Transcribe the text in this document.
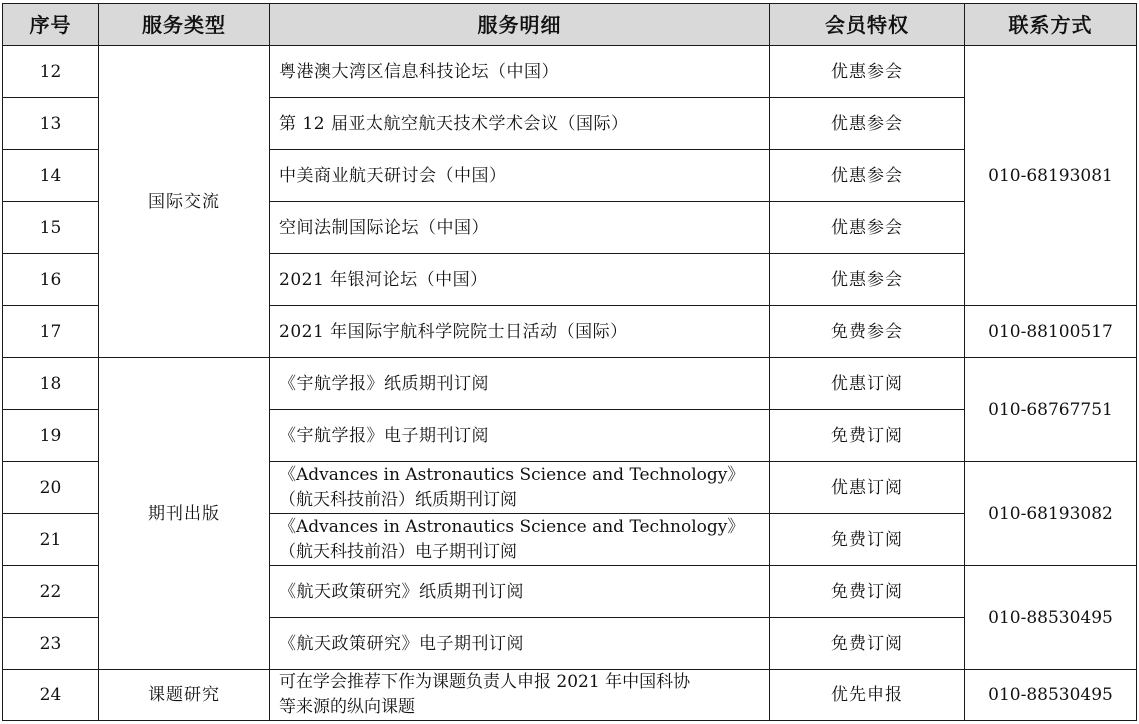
序号	服务类型	服务明细	会员特权	联系方式
12	国际交流	粤港澳大湾区信息科技论坛（中国）	优惠参会	010-68193081
13		第 12 届亚太航空航天技术学术会议（国际）	优惠参会	
14		中美商业航天研讨会（中国）	优惠参会	
15		空间法制国际论坛（中国）	优惠参会	
16		2021 年银河论坛（中国）	优惠参会	
17		2021 年国际宇航科学院院士日活动（国际）	免费参会	010-88100517
18	期刊出版	《宇航学报》纸质期刊订阅	优惠订阅	010-68767751
19		《宇航学报》电子期刊订阅	免费订阅	
20		《Advances in Astronautics Science and Technology》
（航天科技前沿）纸质期刊订阅	优惠订阅	010-68193082
21		《Advances in Astronautics Science and Technology》
（航天科技前沿）电子期刊订阅	免费订阅	
22		《航天政策研究》纸质期刊订阅	免费订阅	010-88530495
23		《航天政策研究》电子期刊订阅	免费订阅	
24	课题研究	可在学会推荐下作为课题负责人申报 2021 年中国科协
等来源的纵向课题	优先申报	010-88530495
